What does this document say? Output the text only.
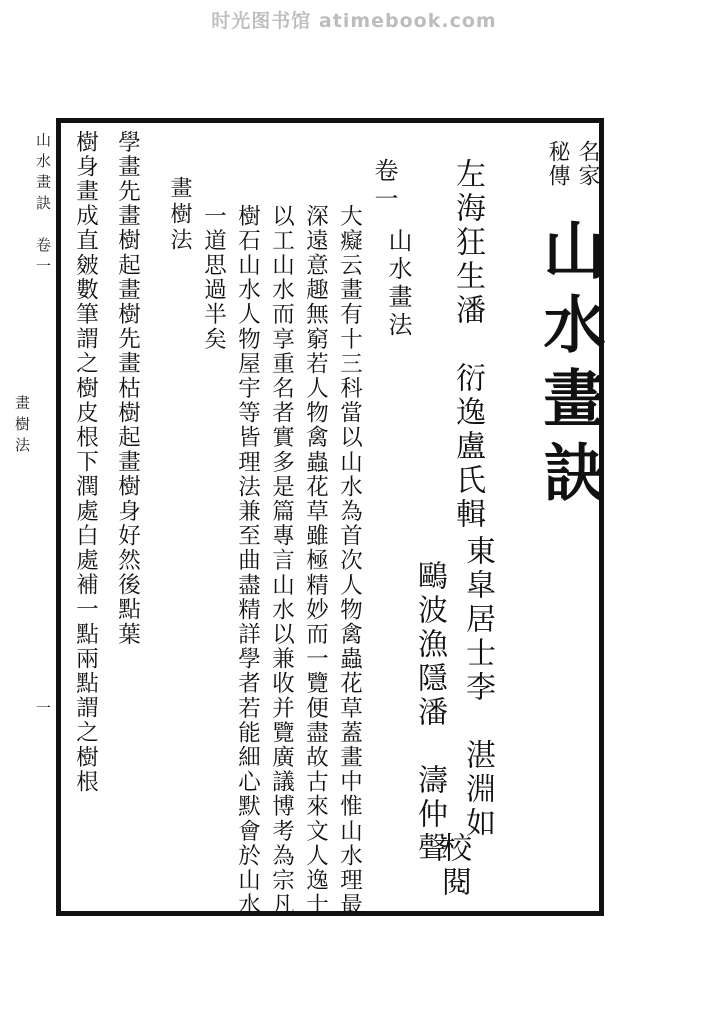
时光图书馆 atimebook.com
山水畫訣　卷一
畫樹法
一
名家
秘傳
山水畫訣
左海狂生潘　衍逸盧氏輯
東皐居士李　湛淵如
鷗波漁隱潘　濤仲聲
校閱
卷一
山水畫法
大癡云畫有十三科當以山水為首次人物禽蟲花草蓋畫中惟山水理最
深遠意趣無窮若人物禽蟲花草雖極精妙而一覽便盡故古來文人逸士
以工山水而享重名者實多是篇專言山水以兼收并覽廣議博考為宗凡
樹石山水人物屋宇等皆理法兼至曲盡精詳學者若能細心默會於山水
一道思過半矣
畫樹法
學畫先畫樹起畫樹先畫枯樹起畫樹身好然後點葉
樹身畫成直皴數筆謂之樹皮根下潤處白處補一點兩點謂之樹根
